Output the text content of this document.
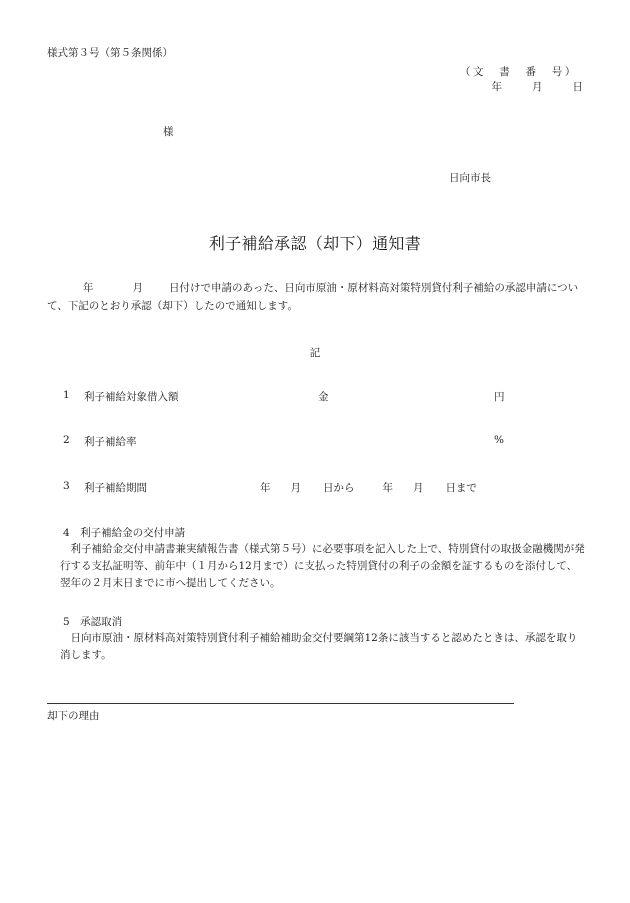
様式第３号（第５条関係）
（文　書　番　号）
年	月	日
様
日向市長
利子補給承認（却下）通知書
年	月 日付けで申請のあった、日向市原油・原材料高対策特別貸付利子補給の承認申請について、下記のとおり承認（却下）したので通知します。
記
1 利子補給対象借入額	金	円
2 利子補給率	%
3 利子補給期間	年 月 日から	年 月 日まで
4　利子補給金の交付申請
利子補給金交付申請書兼実績報告書（様式第５号）に必要事項を記入した上で、特別貸付の取扱金融機関が発行する支払証明等、前年中（１月から12月まで）に支払った特別貸付の利子の金額を証するものを添付して、翌年の２月末日までに市へ提出してください。
5　承認取消
日向市原油・原材料高対策特別貸付利子補給補助金交付要綱第12条に該当すると認めたときは、承認を取り消します。
却下の理由
